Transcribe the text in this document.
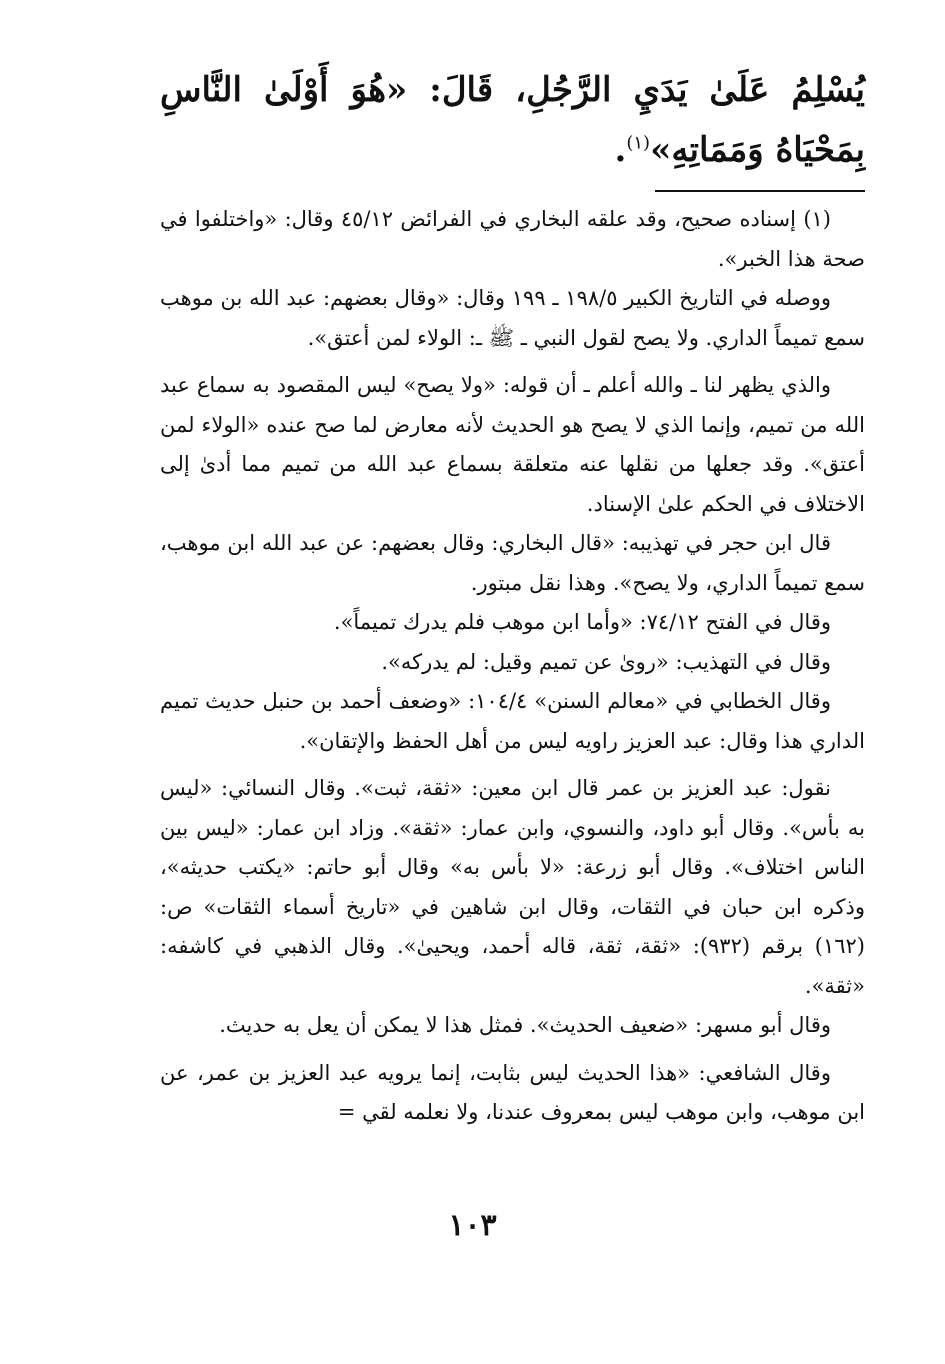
يُسْلِمُ عَلَىٰ يَدَيِ الرَّجُلِ، قَالَ: «هُوَ أَوْلَىٰ النَّاسِ بِمَحْيَاهُ وَمَمَاتِهِ»$^{(١)}$.

(١) إسناده صحيح، وقد علقه البخاري في الفرائض ٤٥/١٢ وقال: «واختلفوا في صحة هذا الخبر».

ووصله في التاريخ الكبير ١٩٨/٥ ـ ١٩٩ وقال: «وقال بعضهم: عبد الله بن موهب سمع تميماً الداري. ولا يصح لقول النبي ـ ﷺ ـ: الولاء لمن أعتق».

والذي يظهر لنا ـ والله أعلم ـ أن قوله: «ولا يصح» ليس المقصود به سماع عبد الله من تميم، وإنما الذي لا يصح هو الحديث لأنه معارض لما صح عنده «الولاء لمن أعتق». وقد جعلها من نقلها عنه متعلقة بسماع عبد الله من تميم مما أدىٰ إلى الاختلاف في الحكم علىٰ الإسناد.

قال ابن حجر في تهذيبه: «قال البخاري: وقال بعضهم: عن عبد الله ابن موهب، سمع تميماً الداري، ولا يصح». وهذا نقل مبتور.

وقال في الفتح ٧٤/١٢: «وأما ابن موهب فلم يدرك تميماً».

وقال في التهذيب: «روىٰ عن تميم وقيل: لم يدركه».

وقال الخطابي في «معالم السنن» ١٠٤/٤: «وضعف أحمد بن حنبل حديث تميم الداري هذا وقال: عبد العزيز راويه ليس من أهل الحفظ والإتقان».

نقول: عبد العزيز بن عمر قال ابن معين: «ثقة، ثبت». وقال النسائي: «ليس به بأس». وقال أبو داود، والنسوي، وابن عمار: «ثقة». وزاد ابن عمار: «ليس بين الناس اختلاف». وقال أبو زرعة: «لا بأس به» وقال أبو حاتم: «يكتب حديثه»، وذكره ابن حبان في الثقات، وقال ابن شاهين في «تاريخ أسماء الثقات» ص: (١٦٢) برقم (٩٣٢): «ثقة، ثقة، قاله أحمد، ويحيىٰ». وقال الذهبي في كاشفه: «ثقة».

وقال أبو مسهر: «ضعيف الحديث». فمثل هذا لا يمكن أن يعل به حديث.

وقال الشافعي: «هذا الحديث ليس بثابت، إنما يرويه عبد العزيز بن عمر، عن ابن موهب، وابن موهب ليس بمعروف عندنا، ولا نعلمه لقي =

١٠٣
